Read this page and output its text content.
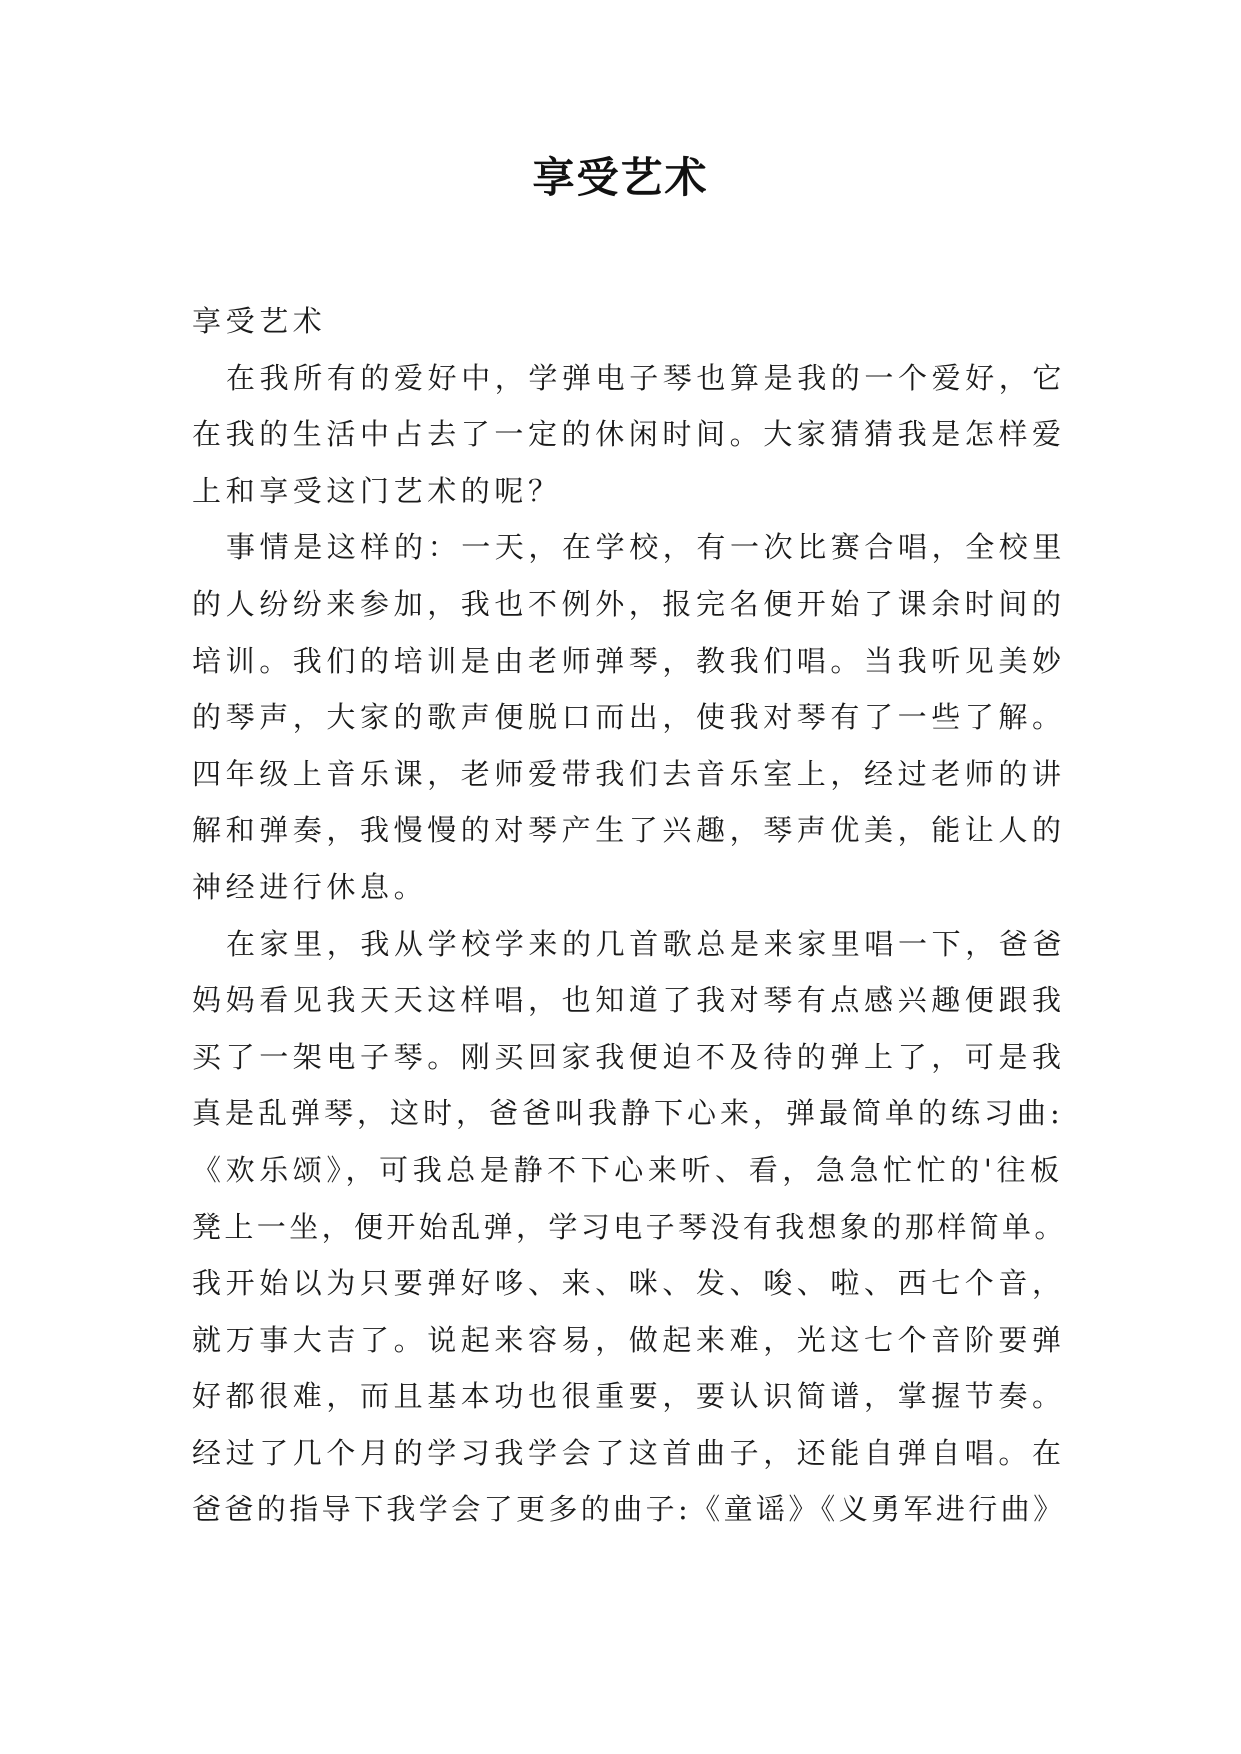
享受艺术
享受艺术
在我所有的爱好中，学弹电子琴也算是我的一个爱好，它
在我的生活中占去了一定的休闲时间。大家猜猜我是怎样爱
上和享受这门艺术的呢？
事情是这样的：一天，在学校，有一次比赛合唱，全校里
的人纷纷来参加，我也不例外，报完名便开始了课余时间的
培训。我们的培训是由老师弹琴，教我们唱。当我听见美妙
的琴声，大家的歌声便脱口而出，使我对琴有了一些了解。
四年级上音乐课，老师爱带我们去音乐室上，经过老师的讲
解和弹奏，我慢慢的对琴产生了兴趣，琴声优美，能让人的
神经进行休息。
在家里，我从学校学来的几首歌总是来家里唱一下，爸爸
妈妈看见我天天这样唱，也知道了我对琴有点感兴趣便跟我
买了一架电子琴。刚买回家我便迫不及待的弹上了，可是我
真是乱弹琴，这时，爸爸叫我静下心来，弹最简单的练习曲:
《欢乐颂》，可我总是静不下心来听、看，急急忙忙的'往板
凳上一坐，便开始乱弹，学习电子琴没有我想象的那样简单。
我开始以为只要弹好哆、来、咪、发、唆、啦、西七个音，
就万事大吉了。说起来容易，做起来难，光这七个音阶要弹
好都很难，而且基本功也很重要，要认识简谱，掌握节奏。
经过了几个月的学习我学会了这首曲子，还能自弹自唱。在
爸爸的指导下我学会了更多的曲子:《童谣》《义勇军进行曲》
